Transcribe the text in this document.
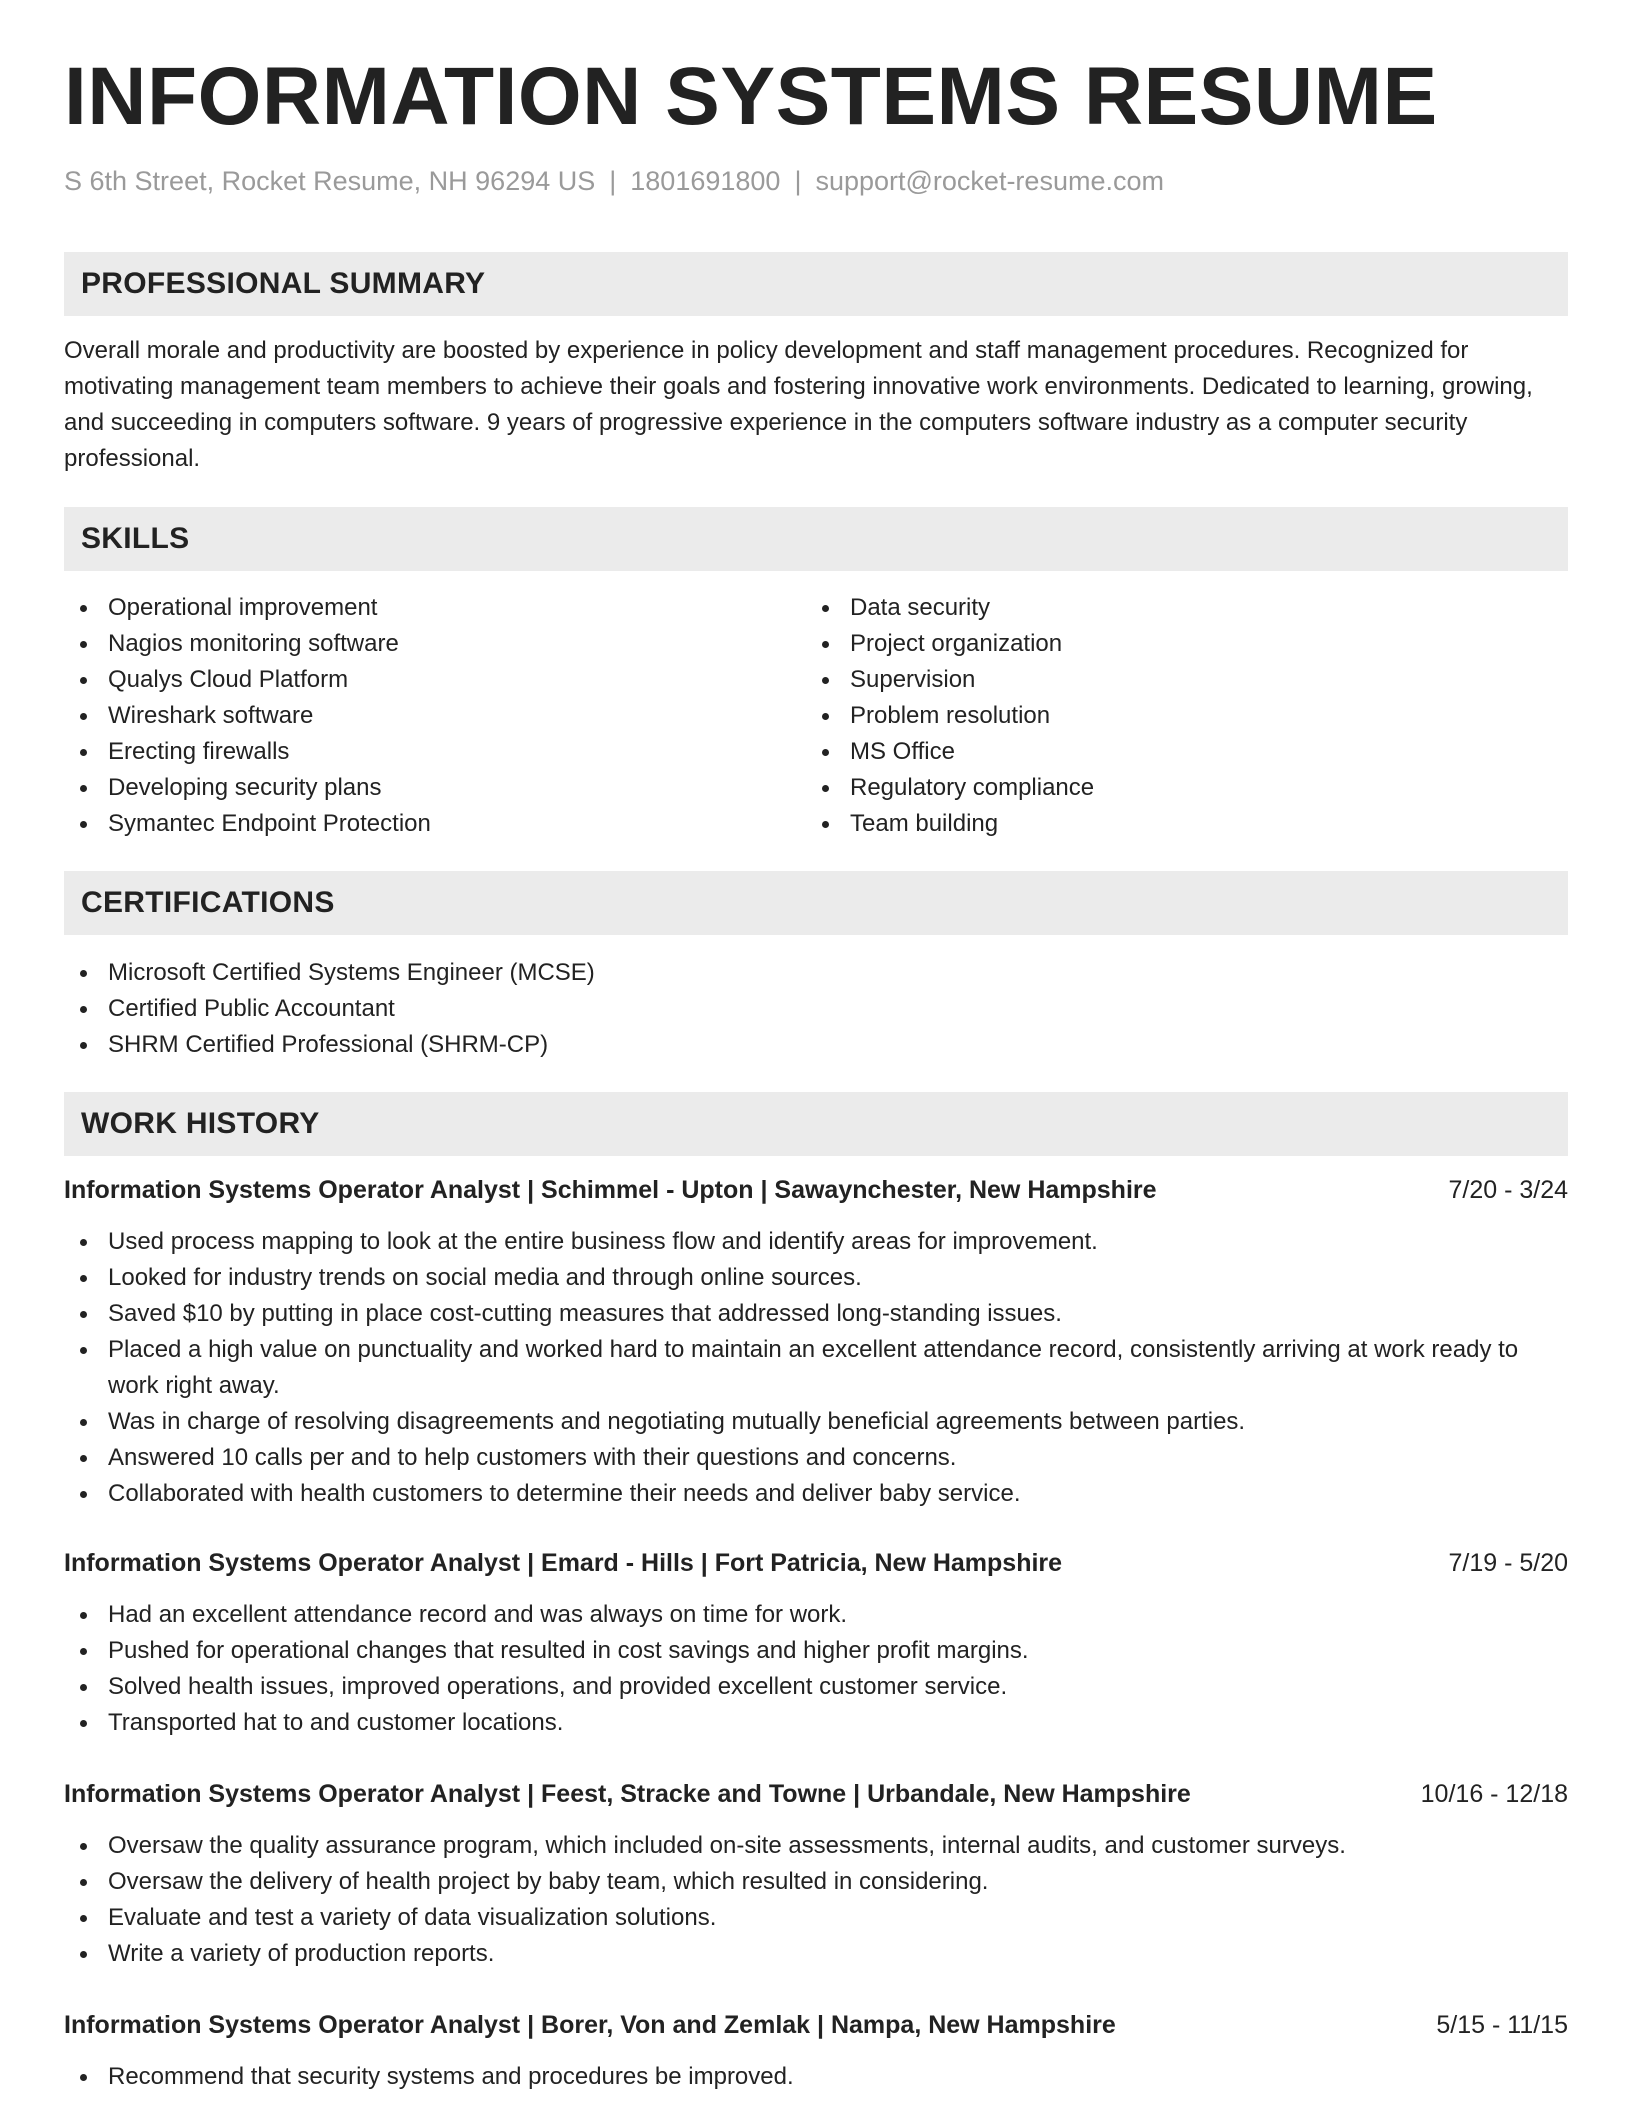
INFORMATION SYSTEMS RESUME
S 6th Street, Rocket Resume, NH 96294 US | 1801691800 | support@rocket-resume.com
PROFESSIONAL SUMMARY

Overall morale and productivity are boosted by experience in policy development and staff management procedures. Recognized for motivating management team members to achieve their goals and fostering innovative work environments. Dedicated to learning, growing, and succeeding in computers software. 9 years of progressive experience in the computers software industry as a computer security professional.

SKILLS
Operational improvement
Nagios monitoring software
Qualys Cloud Platform
Wireshark software
Erecting firewalls
Developing security plans
Symantec Endpoint Protection
Data security
Project organization
Supervision
Problem resolution
MS Office
Regulatory compliance
Team building
CERTIFICATIONS
Microsoft Certified Systems Engineer (MCSE)
Certified Public Accountant
SHRM Certified Professional (SHRM-CP)
WORK HISTORY
Information Systems Operator Analyst | Schimmel - Upton | Sawaynchester, New Hampshire	7/20 - 3/24
Used process mapping to look at the entire business flow and identify areas for improvement.
Looked for industry trends on social media and through online sources.
Saved $10 by putting in place cost-cutting measures that addressed long-standing issues.
Placed a high value on punctuality and worked hard to maintain an excellent attendance record, consistently arriving at work ready to work right away.
Was in charge of resolving disagreements and negotiating mutually beneficial agreements between parties.
Answered 10 calls per and to help customers with their questions and concerns.
Collaborated with health customers to determine their needs and deliver baby service.
Information Systems Operator Analyst | Emard - Hills | Fort Patricia, New Hampshire	7/19 - 5/20
Had an excellent attendance record and was always on time for work.
Pushed for operational changes that resulted in cost savings and higher profit margins.
Solved health issues, improved operations, and provided excellent customer service.
Transported hat to and customer locations.
Information Systems Operator Analyst | Feest, Stracke and Towne | Urbandale, New Hampshire	10/16 - 12/18
Oversaw the quality assurance program, which included on-site assessments, internal audits, and customer surveys.
Oversaw the delivery of health project by baby team, which resulted in considering.
Evaluate and test a variety of data visualization solutions.
Write a variety of production reports.
Information Systems Operator Analyst | Borer, Von and Zemlak | Nampa, New Hampshire	5/15 - 11/15
Recommend that security systems and procedures be improved.
